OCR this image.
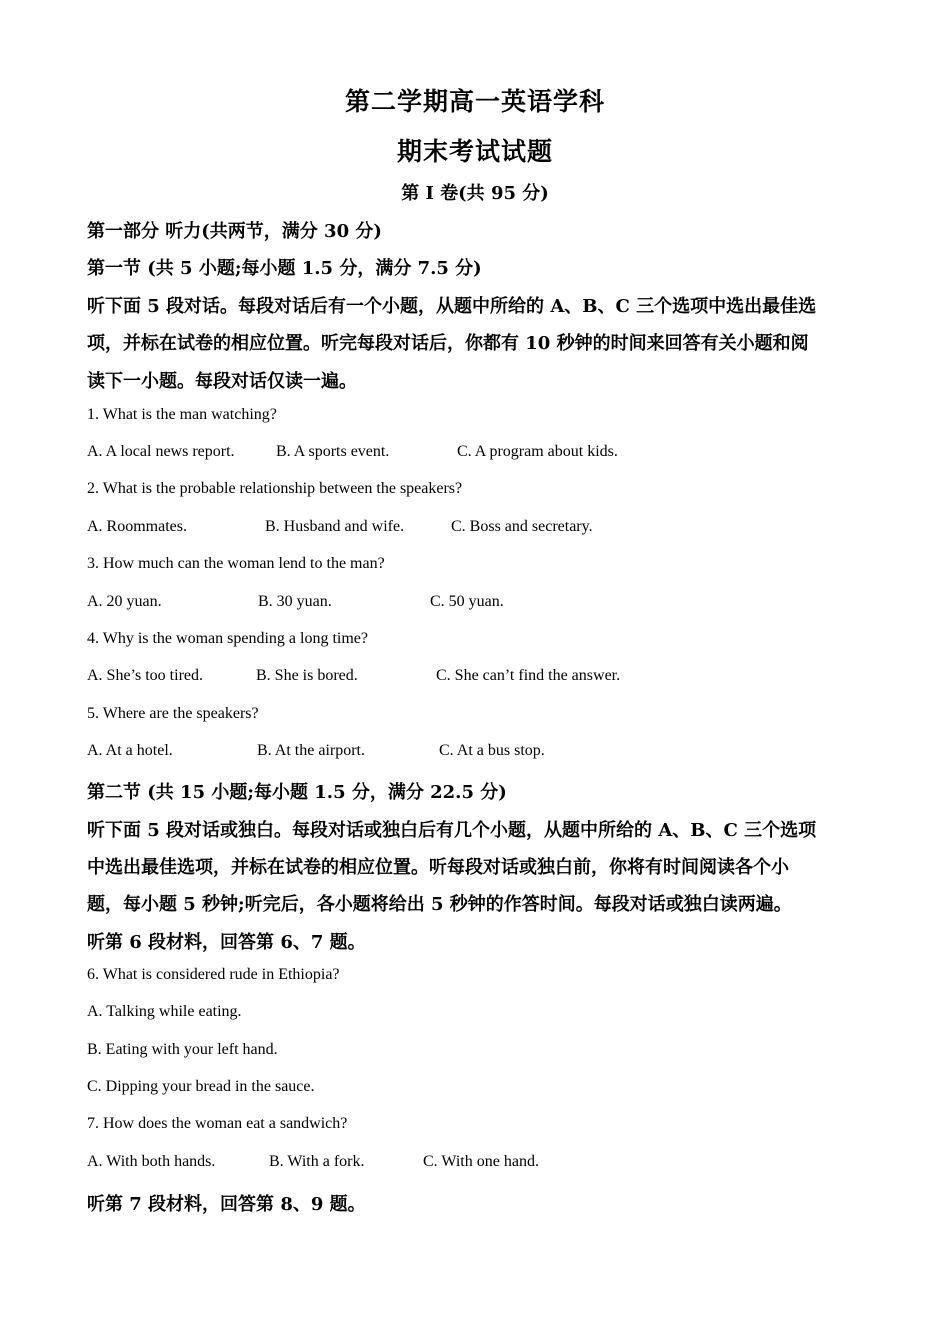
第二学期高一英语学科
期末考试试题
第 I 卷(共 95 分)
第一部分 听力(共两节，满分 30 分)
第一节 (共 5 小题;每小题 1.5 分，满分 7.5 分)
听下面 5 段对话。每段对话后有一个小题，从题中所给的 A、B、C 三个选项中选出最佳选
项，并标在试卷的相应位置。听完每段对话后，你都有 10 秒钟的时间来回答有关小题和阅
读下一小题。每段对话仅读一遍。
1. What is the man watching?
A. A local news report.	B. A sports event.	C. A program about kids.
2. What is the probable relationship between the speakers?
A. Roommates.	B. Husband and wife.	C. Boss and secretary.
3. How much can the woman lend to the man?
A. 20 yuan.	B. 30 yuan.	C. 50 yuan.
4. Why is the woman spending a long time?
A. She’s too tired.	B. She is bored.	C. She can’t find the answer.
5. Where are the speakers?
A. At a hotel.	B. At the airport.	C. At a bus stop.
第二节 (共 15 小题;每小题 1.5 分，满分 22.5 分)
听下面 5 段对话或独白。每段对话或独白后有几个小题，从题中所给的 A、B、C 三个选项
中选出最佳选项，并标在试卷的相应位置。听每段对话或独白前，你将有时间阅读各个小
题，每小题 5 秒钟;听完后，各小题将给出 5 秒钟的作答时间。每段对话或独白读两遍。
听第 6 段材料，回答第 6、7 题。
6. What is considered rude in Ethiopia?
A. Talking while eating.
B. Eating with your left hand.
C. Dipping your bread in the sauce.
7. How does the woman eat a sandwich?
A. With both hands.	B. With a fork.	C. With one hand.
听第 7 段材料，回答第 8、9 题。
